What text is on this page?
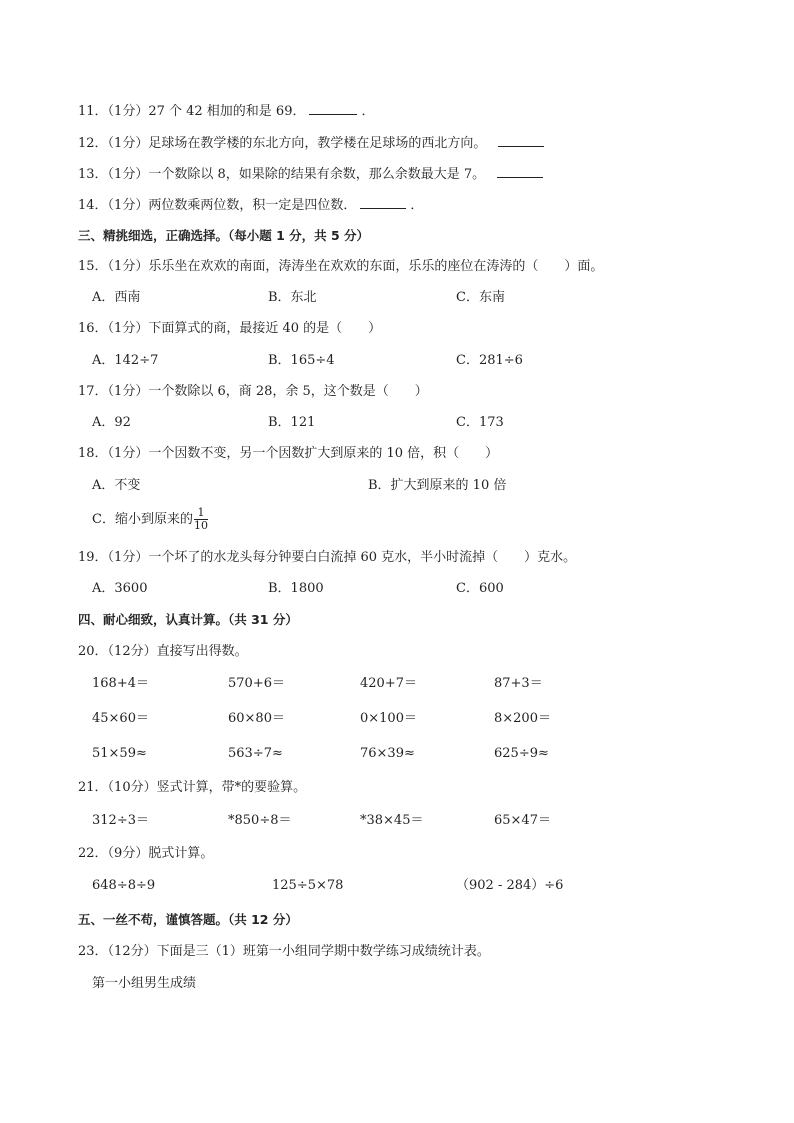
11．（1分）27 个 42 相加的和是 69．	．
12．（1分）足球场在教学楼的东北方向，教学楼在足球场的西北方向。
13．（1分）一个数除以 8，如果除的结果有余数，那么余数最大是 7。
14．（1分）两位数乘两位数，积一定是四位数．	．
三、精挑细选，正确选择。（每小题 1 分，共 5 分）
15．（1分）乐乐坐在欢欢的南面，涛涛坐在欢欢的东面，乐乐的座位在涛涛的（　　）面。
A．西南	B．东北	C．东南
16．（1分）下面算式的商，最接近 40 的是（　　）
A．142÷7	B．165÷4	C．281÷6
17．（1分）一个数除以 6，商 28，余 5，这个数是（　　）
A．92	B．121	C．173
18．（1分）一个因数不变，另一个因数扩大到原来的 10 倍，积（　　）
A．不变	B．扩大到原来的 10 倍
C．缩小到原来的 $\frac{1}{10}$
19．（1分）一个坏了的水龙头每分钟要白白流掉 60 克水，半小时流掉（　　）克水。
A．3600	B．1800	C．600
四、耐心细致，认真计算。（共 31 分）
20．（12分）直接写出得数。
168+4＝	570+6＝	420+7＝	87+3＝
45×60＝	60×80＝	0×100＝	8×200＝
51×59≈	563÷7≈	76×39≈	625÷9≈
21．（10分）竖式计算，带*的要验算。
312÷3＝	*850÷8＝	*38×45＝	65×47＝
22．（9分）脱式计算。
648÷8÷9	125÷5×78	（902 - 284）÷6
五、一丝不苟，谨慎答题。（共 12 分）
23．（12分）下面是三（1）班第一小组同学期中数学练习成绩统计表。
第一小组男生成绩
